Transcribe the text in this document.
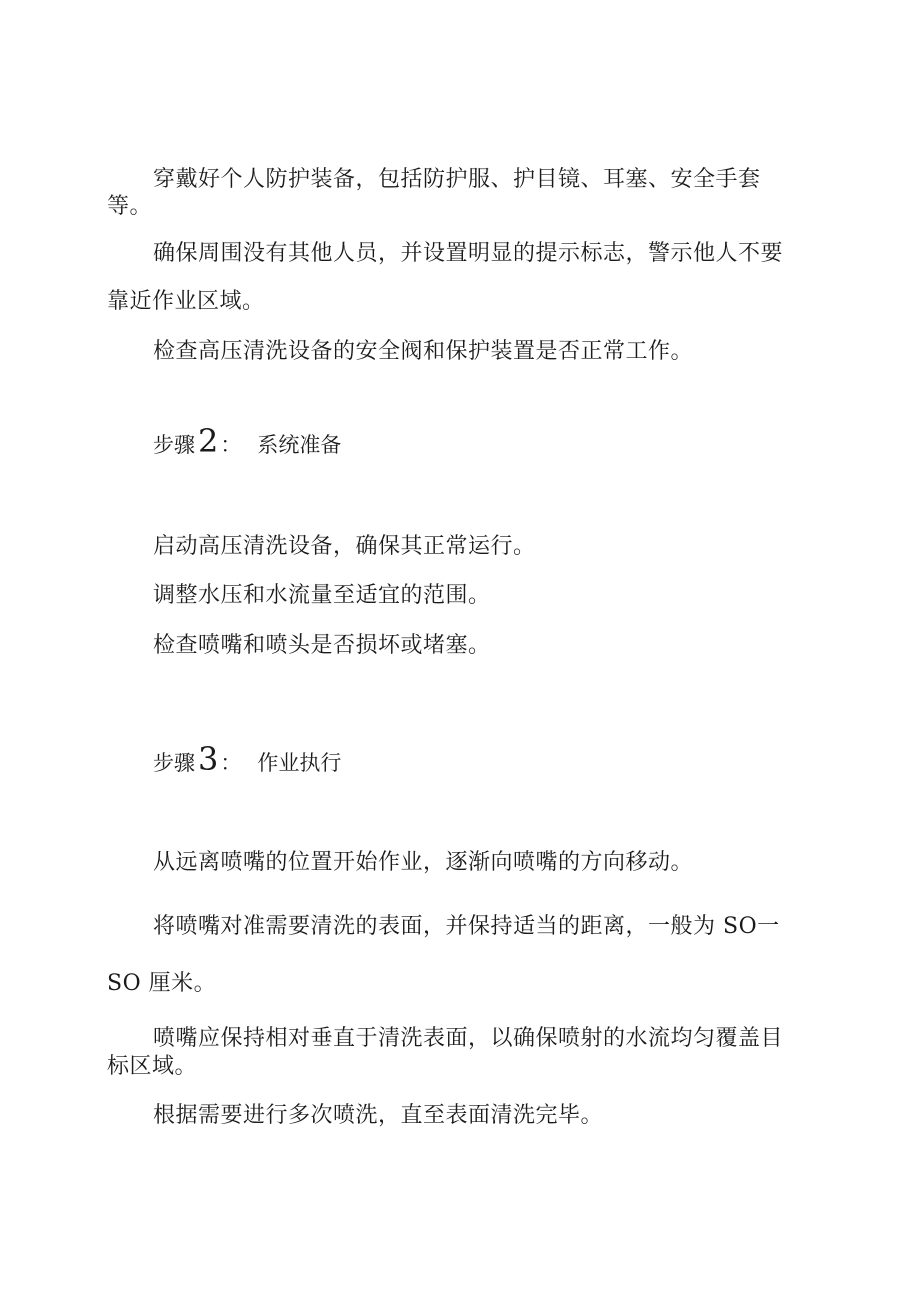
穿戴好个人防护装备，包括防护服、护目镜、耳塞、安全手套
等。
确保周围没有其他人员，并设置明显的提示标志，警示他人不要
靠近作业区域。
检查高压清洗设备的安全阀和保护装置是否正常工作。
步骤 2 ： 系统准备
启动高压清洗设备，确保其正常运行。
调整水压和水流量至适宜的范围。
检查喷嘴和喷头是否损坏或堵塞。
步骤 3 ： 作业执行
从远离喷嘴的位置开始作业，逐渐向喷嘴的方向移动。
将喷嘴对准需要清洗的表面，并保持适当的距离，一般为 SO一
SO 厘米。
喷嘴应保持相对垂直于清洗表面，以确保喷射的水流均匀覆盖目
标区域。
根据需要进行多次喷洗，直至表面清洗完毕。
